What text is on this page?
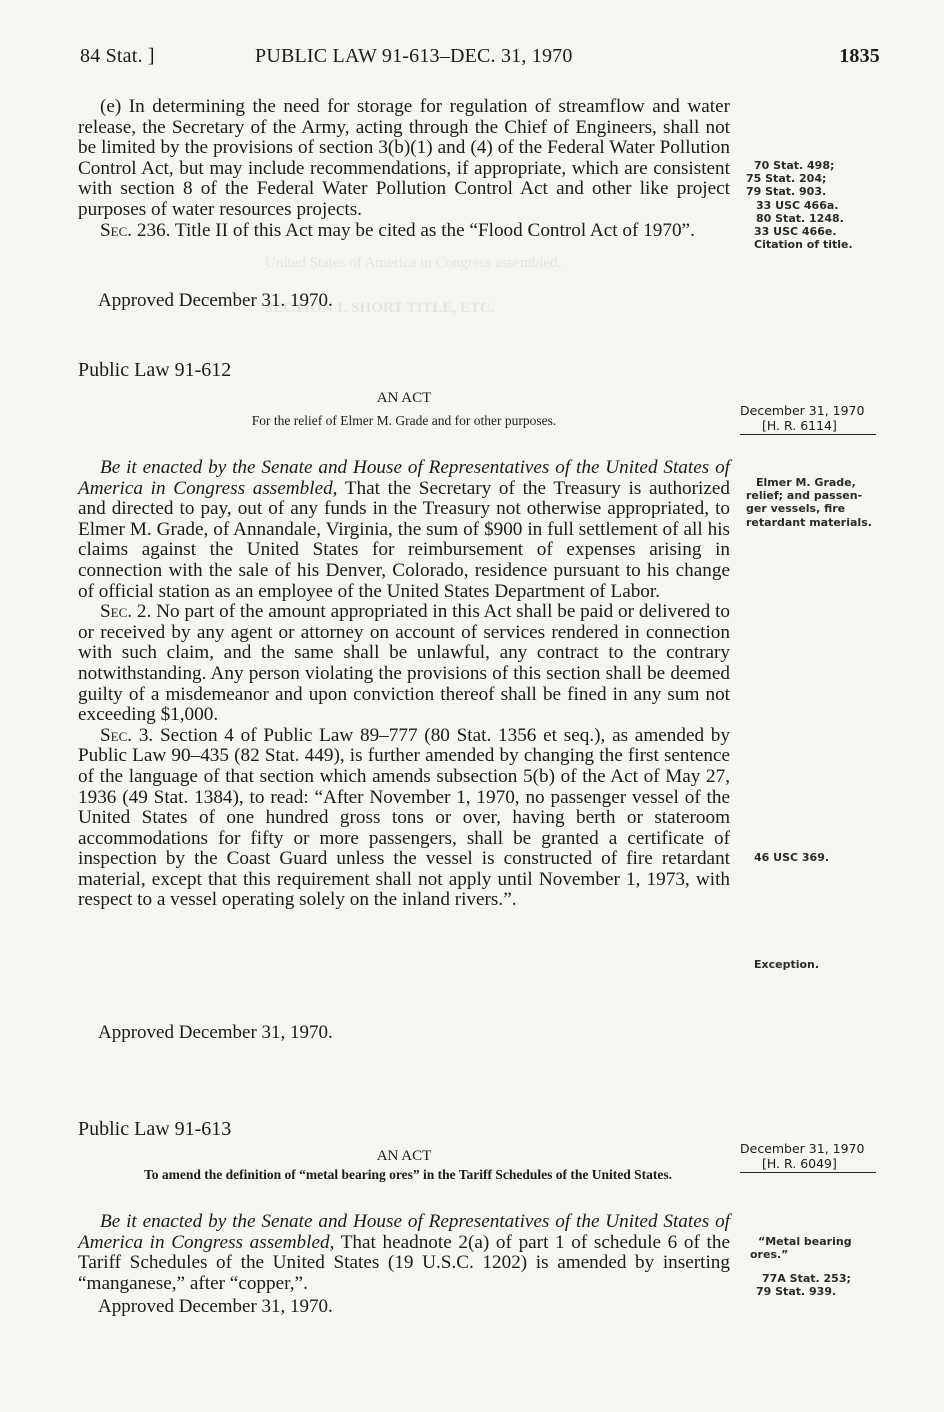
United States of America in Congress assembled,
SECTION 1. SHORT TITLE, ETC.
84 Stat. ]	PUBLIC LAW 91-613–DEC. 31, 1970	1835

(e) In determining the need for storage for regulation of streamflow and water release, the Secretary of the Army, acting through the Chief of Engineers, shall not be limited by the provisions of section 3(b)(1) and (4) of the Federal Water Pollution Control Act, but may include recommendations, if appropriate, which are consistent with section 8 of the Federal Water Pollution Control Act and other like project purposes of water resources projects.

Sec. 236. Title II of this Act may be cited as the “Flood Control Act of 1970”.

Approved December 31. 1970.
70 Stat. 498;
75 Stat. 204;
79 Stat. 903.
33 USC 466a.
80 Stat. 1248.
33 USC 466e.
Citation of title.
Public Law 91-612
AN ACT
For the relief of Elmer M. Grade and for other purposes.
December 31, 1970
[H. R. 6114]

Be it enacted by the Senate and House of Representatives of the United States of America in Congress assembled, That the Secretary of the Treasury is authorized and directed to pay, out of any funds in the Treasury not otherwise appropriated, to Elmer M. Grade, of Annandale, Virginia, the sum of $900 in full settlement of all his claims against the United States for reimbursement of expenses arising in connection with the sale of his Denver, Colorado, residence pursuant to his change of official station as an employee of the United States Department of Labor.

Sec. 2. No part of the amount appropriated in this Act shall be paid or delivered to or received by any agent or attorney on account of services rendered in connection with such claim, and the same shall be unlawful, any contract to the contrary notwithstanding. Any person violating the provisions of this section shall be deemed guilty of a misdemeanor and upon conviction thereof shall be fined in any sum not exceeding $1,000.

Sec. 3. Section 4 of Public Law 89–777 (80 Stat. 1356 et seq.), as amended by Public Law 90–435 (82 Stat. 449), is further amended by changing the first sentence of the language of that section which amends subsection 5(b) of the Act of May 27, 1936 (49 Stat. 1384), to read: “After November 1, 1970, no passenger vessel of the United States of one hundred gross tons or over, having berth or stateroom accommodations for fifty or more passengers, shall be granted a certificate of inspection by the Coast Guard unless the vessel is constructed of fire retardant material, except that this requirement shall not apply until November 1, 1973, with respect to a vessel operating solely on the inland rivers.”.

Approved December 31, 1970.
Elmer M. Grade,
relief; and passen-
ger vessels, fire
retardant materials.
46 USC 369.
Exception.
Public Law 91-613
AN ACT
To amend the definition of “metal bearing ores” in the Tariff Schedules of the United States.
December 31, 1970
[H. R. 6049]

Be it enacted by the Senate and House of Representatives of the United States of America in Congress assembled, That headnote 2(a) of part 1 of schedule 6 of the Tariff Schedules of the United States (19 U.S.C. 1202) is amended by inserting “manganese,” after “copper,”.

Approved December 31, 1970.
“Metal bearing
ores.”
77A Stat. 253;
79 Stat. 939.
